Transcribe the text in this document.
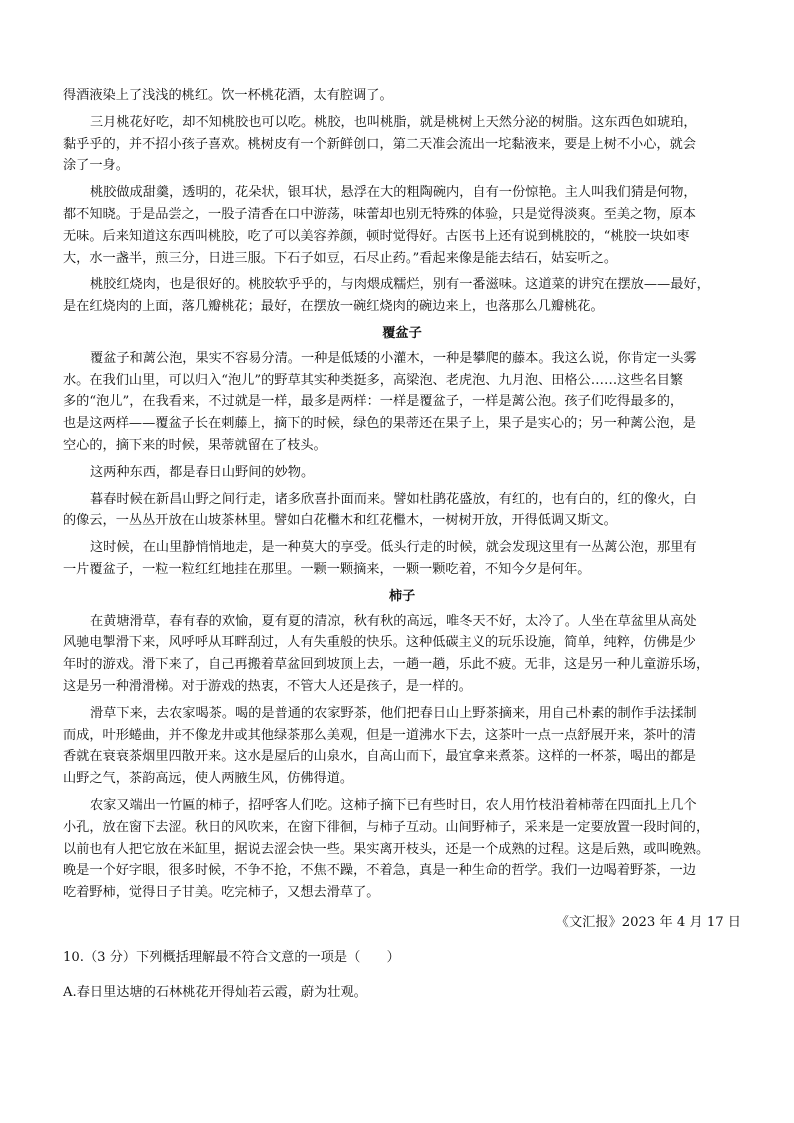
得酒液染上了浅浅的桃红。饮一杯桃花酒，太有腔调了。

三月桃花好吃，却不知桃胶也可以吃。桃胶，也叫桃脂，就是桃树上天然分泌的树脂。这东西色如琥珀，

黏乎乎的，并不招小孩子喜欢。桃树皮有一个新鲜创口，第二天准会流出一坨黏液来，要是上树不小心，就会

涂了一身。

桃胶做成甜羹，透明的，花朵状，银耳状，悬浮在大的粗陶碗内，自有一份惊艳。主人叫我们猜是何物，

都不知晓。于是品尝之，一股子清香在口中游荡，味蕾却也别无特殊的体验，只是觉得淡爽。至美之物，原本

无味。后来知道这东西叫桃胶，吃了可以美容养颜，顿时觉得好。古医书上还有说到桃胶的，“桃胶一块如枣

大，水一盏半，煎三分，日进三服。下石子如豆，石尽止药。”看起来像是能去结石，姑妄听之。

桃胶红烧肉，也是很好的。桃胶软乎乎的，与肉煨成糯烂，别有一番滋味。这道菜的讲究在摆放——最好，

是在红烧肉的上面，落几瓣桃花；最好，在摆放一碗红烧肉的碗边来上，也落那么几瓣桃花。

覆盆子

覆盆子和蓠公泡，果实不容易分清。一种是低矮的小灌木，一种是攀爬的藤本。我这么说，你肯定一头雾

水。在我们山里，可以归入“泡儿”的野草其实种类挺多，高梁泡、老虎泡、九月泡、田格公……这些名目繁

多的“泡儿”，在我看来，不过就是一样，最多是两样：一样是覆盆子，一样是蓠公泡。孩子们吃得最多的，

也是这两样——覆盆子长在刺藤上，摘下的时候，绿色的果蒂还在果子上，果子是实心的；另一种蓠公泡，是

空心的，摘下来的时候，果蒂就留在了枝头。

这两种东西，都是春日山野间的妙物。

暮春时候在新昌山野之间行走，诸多欣喜扑面而来。譬如杜鹃花盛放，有红的，也有白的，红的像火，白

的像云，一丛丛开放在山坡茶林里。譬如白花檵木和红花檵木，一树树开放，开得低调又斯文。

这时候，在山里静悄悄地走，是一种莫大的享受。低头行走的时候，就会发现这里有一丛蓠公泡，那里有

一片覆盆子，一粒一粒红红地挂在那里。一颗一颗摘来，一颗一颗吃着，不知今夕是何年。

柿子

在黄塘滑草，春有春的欢愉，夏有夏的清凉，秋有秋的高远，唯冬天不好，太冷了。人坐在草盆里从高处

风驰电掣滑下来，风呼呼从耳畔刮过，人有失重般的快乐。这种低碳主义的玩乐设施，简单，纯粹，仿佛是少

年时的游戏。滑下来了，自己再搬着草盆回到坡顶上去，一趟一趟，乐此不疲。无非，这是另一种儿童游乐场，

这是另一种滑滑梯。对于游戏的热衷，不管大人还是孩子，是一样的。

滑草下来，去农家喝茶。喝的是普通的农家野茶，他们把春日山上野茶摘来，用自己朴素的制作手法揉制

而成，叶形蜷曲，并不像龙井或其他绿茶那么美观，但是一道沸水下去，这茶叶一点一点舒展开来，茶叶的清

香就在衰衰茶烟里四散开来。这水是屋后的山泉水，自高山而下，最宜拿来煮茶。这样的一杯茶，喝出的都是

山野之气，茶韵高远，使人两腋生风，仿佛得道。

农家又端出一竹匾的柿子，招呼客人们吃。这柿子摘下已有些时日，农人用竹枝沿着柿蒂在四面扎上几个

小孔，放在窗下去涩。秋日的风吹来，在窗下徘徊，与柿子互动。山间野柿子，采来是一定要放置一段时间的，

以前也有人把它放在米缸里，据说去涩会快一些。果实离开枝头，还是一个成熟的过程。这是后熟，或叫晚熟。

晚是一个好字眼，很多时候，不争不抢，不焦不躁，不着急，真是一种生命的哲学。我们一边喝着野茶，一边

吃着野柿，觉得日子甘美。吃完柿子，又想去滑草了。

《文汇报》2023 年 4 月 17 日

10.（3 分）下列概括理解最不符合文意的一项是（　　）

A.春日里达塘的石林桃花开得灿若云霞，蔚为壮观。
